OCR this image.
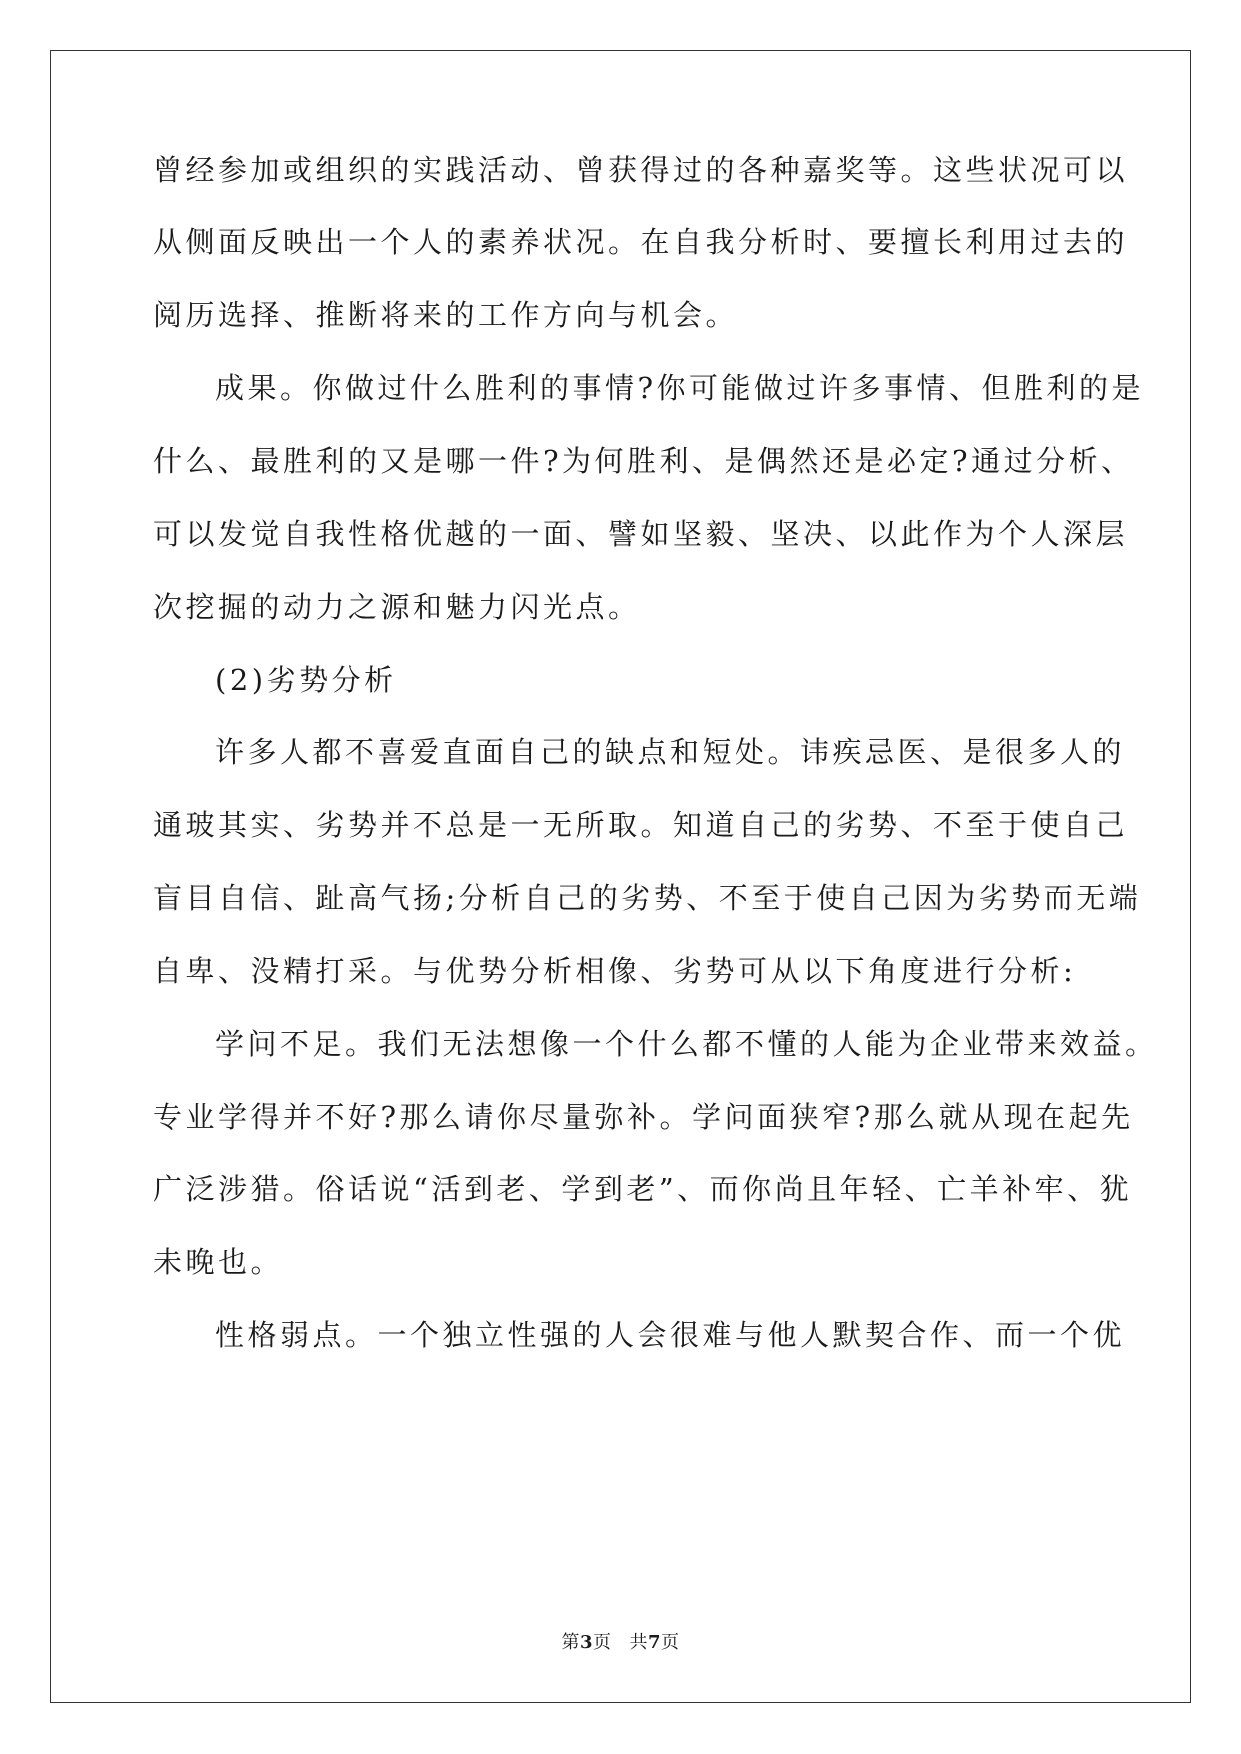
曾经参加或组织的实践活动、曾获得过的各种嘉奖等。这些状况可以
从侧面反映出一个人的素养状况。在自我分析时、要擅长利用过去的
阅历选择、推断将来的工作方向与机会。
成果。你做过什么胜利的事情?你可能做过许多事情、但胜利的是
什么、最胜利的又是哪一件?为何胜利、是偶然还是必定?通过分析、
可以发觉自我性格优越的一面、譬如坚毅、坚决、以此作为个人深层
次挖掘的动力之源和魅力闪光点。
(2)劣势分析
许多人都不喜爱直面自己的缺点和短处。讳疾忌医、是很多人的
通玻其实、劣势并不总是一无所取。知道自己的劣势、不至于使自己
盲目自信、趾高气扬;分析自己的劣势、不至于使自己因为劣势而无端
自卑、没精打采。与优势分析相像、劣势可从以下角度进行分析:
学问不足。我们无法想像一个什么都不懂的人能为企业带来效益。
专业学得并不好?那么请你尽量弥补。学问面狭窄?那么就从现在起先
广泛涉猎。俗话说“活到老、学到老”、而你尚且年轻、亡羊补牢、犹
未晚也。
性格弱点。一个独立性强的人会很难与他人默契合作、而一个优
第3页 共7页
